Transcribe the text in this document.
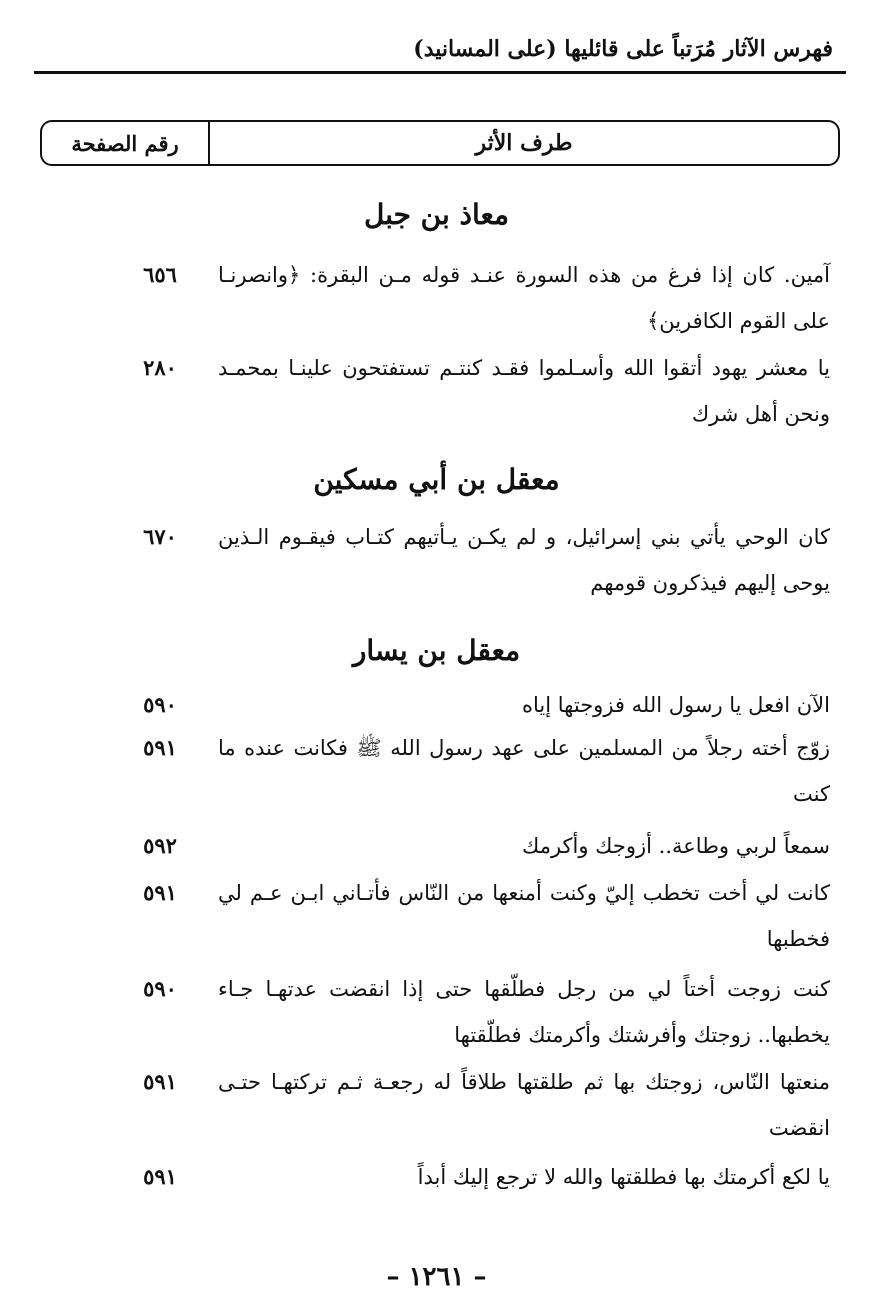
فهرس الآثار مُرَتباً على قائليها (على المسانيد)
طرف الأثر
رقم الصفحة
معاذ بن جبل
آمين. كان إذا فرغ من هذه السورة عنـد قوله مـن البقرة: ﴿وانصرنـا على القوم الكافرين﴾
٦٥٦
يا معشر يهود أتقوا الله وأسـلموا فقـد كنتـم تستفتحون علينـا بمحمـد ونحن أهل شرك
٢٨٠
معقل بن أبي مسكين
كان الوحي يأتي بني إسرائيل، و لم يكـن يـأتيهم كتـاب فيقـوم الـذين يوحى إليهم فيذكرون قومهم
٦٧٠
معقل بن يسار
الآن افعل يا رسول الله فزوجتها إياه
٥٩٠
زوّج أخته رجلاً من المسلمين على عهد رسول الله ﷺ فكانت عنده ما كنت
٥٩١
سمعاً لربي وطاعة.. أزوجك وأكرمك
٥٩٢
كانت لي أخت تخطب إليّ وكنت أمنعها من النّاس فأتـاني ابـن عـم لي فخطبها
٥٩١
كنت زوجت أختاً لي من رجل فطلّقها حتى إذا انقضت عدتهـا جـاء يخطبها.. زوجتك وأفرشتك وأكرمتك فطلّقتها
٥٩٠
منعتها النّاس، زوجتك بها ثم طلقتها طلاقاً له رجعـة ثـم تركتهـا حتـى انقضت
٥٩١
يا لكع أكرمتك بها فطلقتها والله لا ترجع إليك أبداً
٥٩١
– ١٢٦١ –
